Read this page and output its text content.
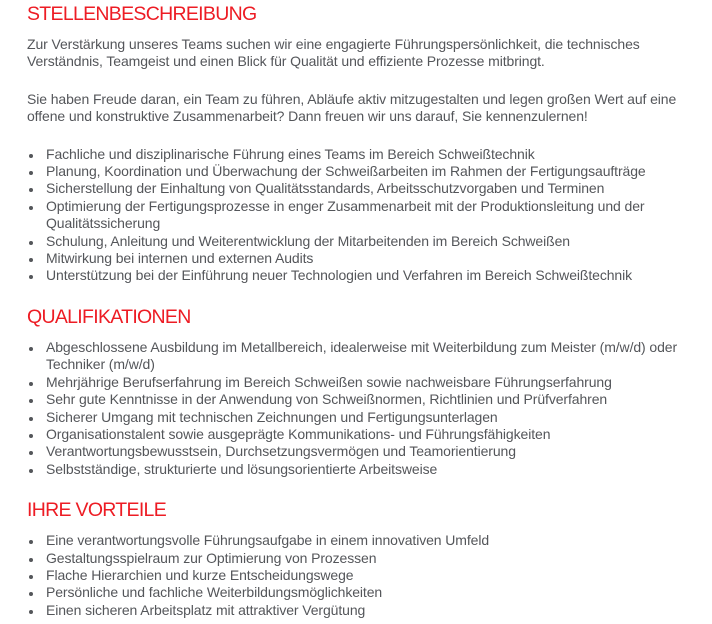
STELLENBESCHREIBUNG

Zur Verstärkung unseres Teams suchen wir eine engagierte Führungspersönlichkeit, die technisches Verständnis, Teamgeist und einen Blick für Qualität und effiziente Prozesse mitbringt.

Sie haben Freude daran, ein Team zu führen, Abläufe aktiv mitzugestalten und legen großen Wert auf eine offene und konstruktive Zusammenarbeit? Dann freuen wir uns darauf, Sie kennenzulernen!

• Fachliche und disziplinarische Führung eines Teams im Bereich Schweißtechnik
• Planung, Koordination und Überwachung der Schweißarbeiten im Rahmen der Fertigungsaufträge
• Sicherstellung der Einhaltung von Qualitätsstandards, Arbeitsschutzvorgaben und Terminen
• Optimierung der Fertigungsprozesse in enger Zusammenarbeit mit der Produktionsleitung und der Qualitätssicherung
• Schulung, Anleitung und Weiterentwicklung der Mitarbeitenden im Bereich Schweißen
• Mitwirkung bei internen und externen Audits
• Unterstützung bei der Einführung neuer Technologien und Verfahren im Bereich Schweißtechnik
QUALIFIKATIONEN
• Abgeschlossene Ausbildung im Metallbereich, idealerweise mit Weiterbildung zum Meister (m/w/d) oder Techniker (m/w/d)
• Mehrjährige Berufserfahrung im Bereich Schweißen sowie nachweisbare Führungserfahrung
• Sehr gute Kenntnisse in der Anwendung von Schweißnormen, Richtlinien und Prüfverfahren
• Sicherer Umgang mit technischen Zeichnungen und Fertigungsunterlagen
• Organisationstalent sowie ausgeprägte Kommunikations- und Führungsfähigkeiten
• Verantwortungsbewusstsein, Durchsetzungsvermögen und Teamorientierung
• Selbstständige, strukturierte und lösungsorientierte Arbeitsweise
IHRE VORTEILE
• Eine verantwortungsvolle Führungsaufgabe in einem innovativen Umfeld
• Gestaltungsspielraum zur Optimierung von Prozessen
• Flache Hierarchien und kurze Entscheidungswege
• Persönliche und fachliche Weiterbildungsmöglichkeiten
• Einen sicheren Arbeitsplatz mit attraktiver Vergütung
